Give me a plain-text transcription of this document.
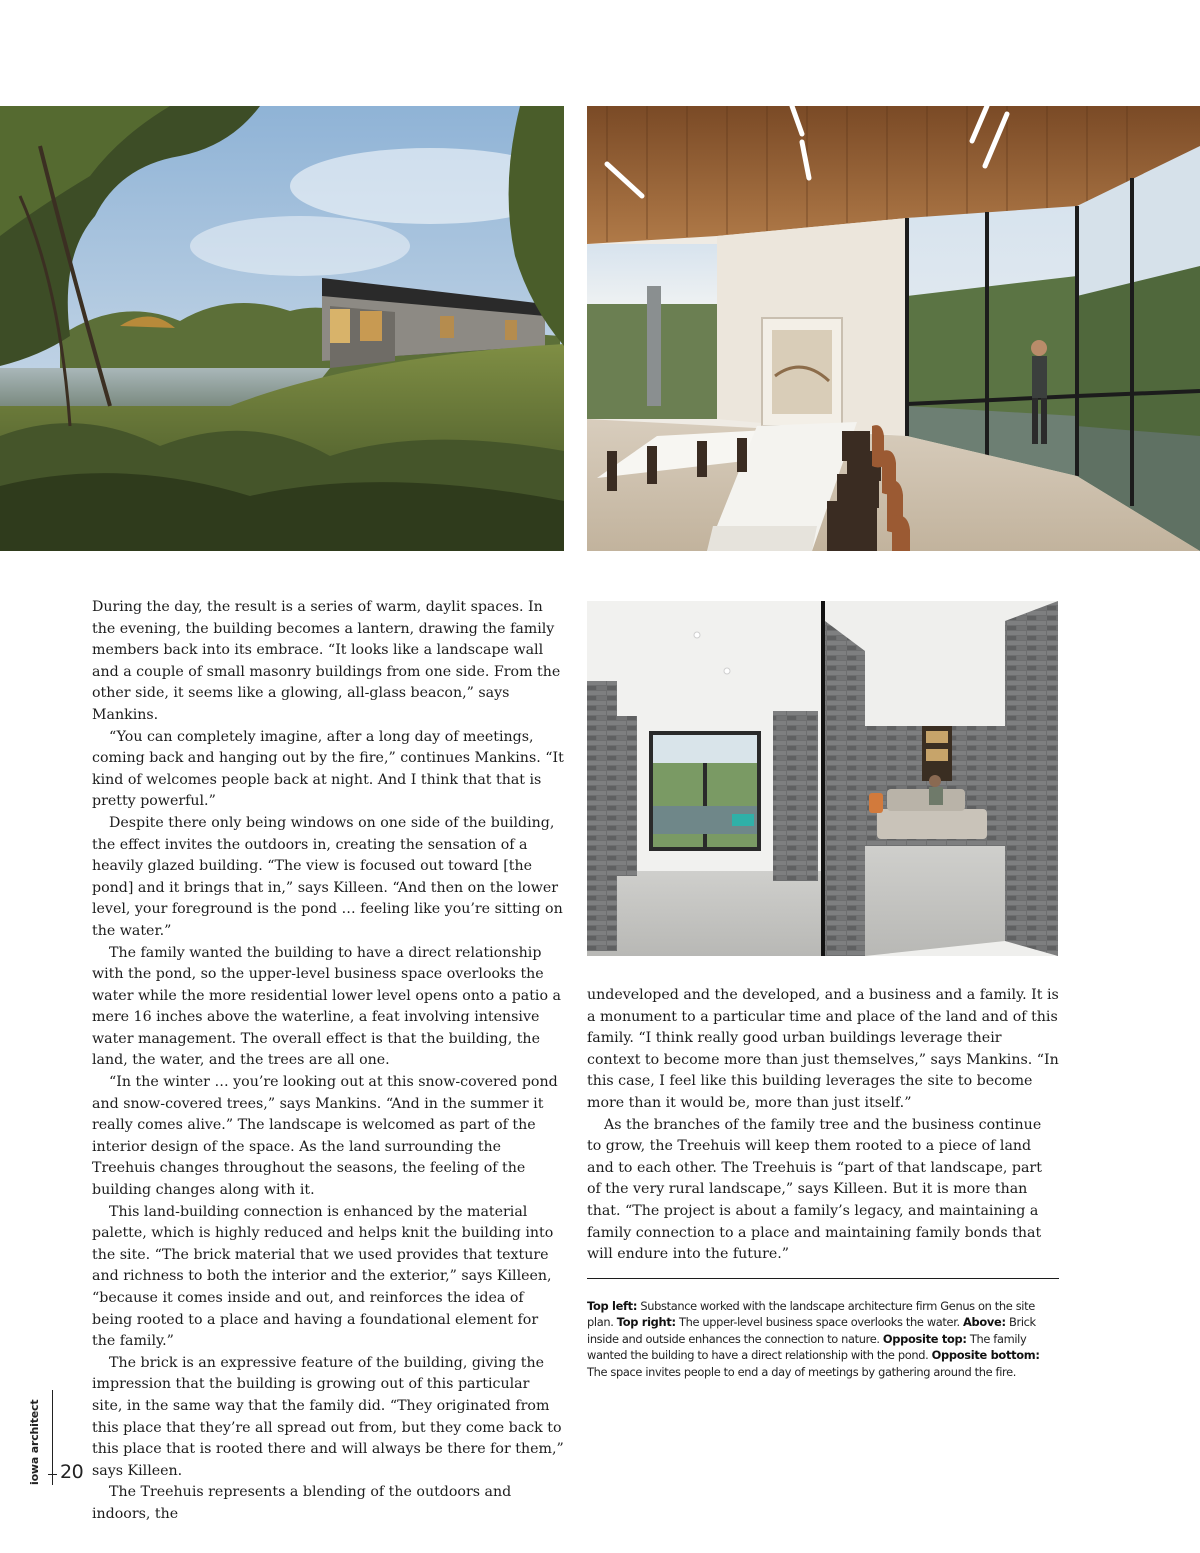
During the day, the result is a series of warm, daylit spaces. In the evening, the building becomes a lantern, drawing the family members back into its embrace. “It looks like a landscape wall and a couple of small masonry buildings from one side. From the other side, it seems like a glowing, all-glass beacon,” says Mankins.

“You can completely imagine, after a long day of meetings, coming back and hanging out by the fire,” continues Mankins. “It kind of welcomes people back at night. And I think that that is pretty powerful.”

Despite there only being windows on one side of the building, the effect invites the outdoors in, creating the sensation of a heavily glazed building. “The view is focused out toward [the pond] and it brings that in,” says Killeen. “And then on the lower level, your foreground is the pond … feeling like you’re sitting on the water.”

The family wanted the building to have a direct relationship with the pond, so the upper-level business space overlooks the water while the more residential lower level opens onto a patio a mere 16 inches above the waterline, a feat involving intensive water management. The overall effect is that the building, the land, the water, and the trees are all one.

“In the winter … you’re looking out at this snow-covered pond and snow-covered trees,” says Mankins. “And in the summer it really comes alive.” The landscape is welcomed as part of the interior design of the space. As the land surrounding the Treehuis changes throughout the seasons, the feeling of the building changes along with it.

This land-building connection is enhanced by the material palette, which is highly reduced and helps knit the building into the site. “The brick material that we used provides that texture and richness to both the interior and the exterior,” says Killeen, “because it comes inside and out, and reinforces the idea of being rooted to a place and having a foundational element for the family.”

The brick is an expressive feature of the building, giving the impression that the building is growing out of this particular site, in the same way that the family did. “They originated from this place that they’re all spread out from, but they come back to this place that is rooted there and will always be there for them,” says Killeen.

The Treehuis represents a blending of the outdoors and indoors, the

undeveloped and the developed, and a business and a family. It is a monument to a particular time and place of the land and of this family. “I think really good urban buildings leverage their context to become more than just themselves,” says Mankins. “In this case, I feel like this building leverages the site to become more than it would be, more than just itself.”

As the branches of the family tree and the business continue to grow, the Treehuis will keep them rooted to a piece of land and to each other. The Treehuis is “part of that landscape, part of the very rural landscape,” says Killeen. But it is more than that. “The project is about a family’s legacy, and maintaining a family connection to a place and maintaining family bonds that will endure into the future.”

Top left: Substance worked with the landscape architecture firm Genus on the site plan. Top right: The upper-level business space overlooks the water. Above: Brick inside and outside enhances the connection to nature. Opposite top: The family wanted the building to have a direct relationship with the pond. Opposite bottom: The space invites people to end a day of meetings by gathering around the fire.
iowa architect 20
